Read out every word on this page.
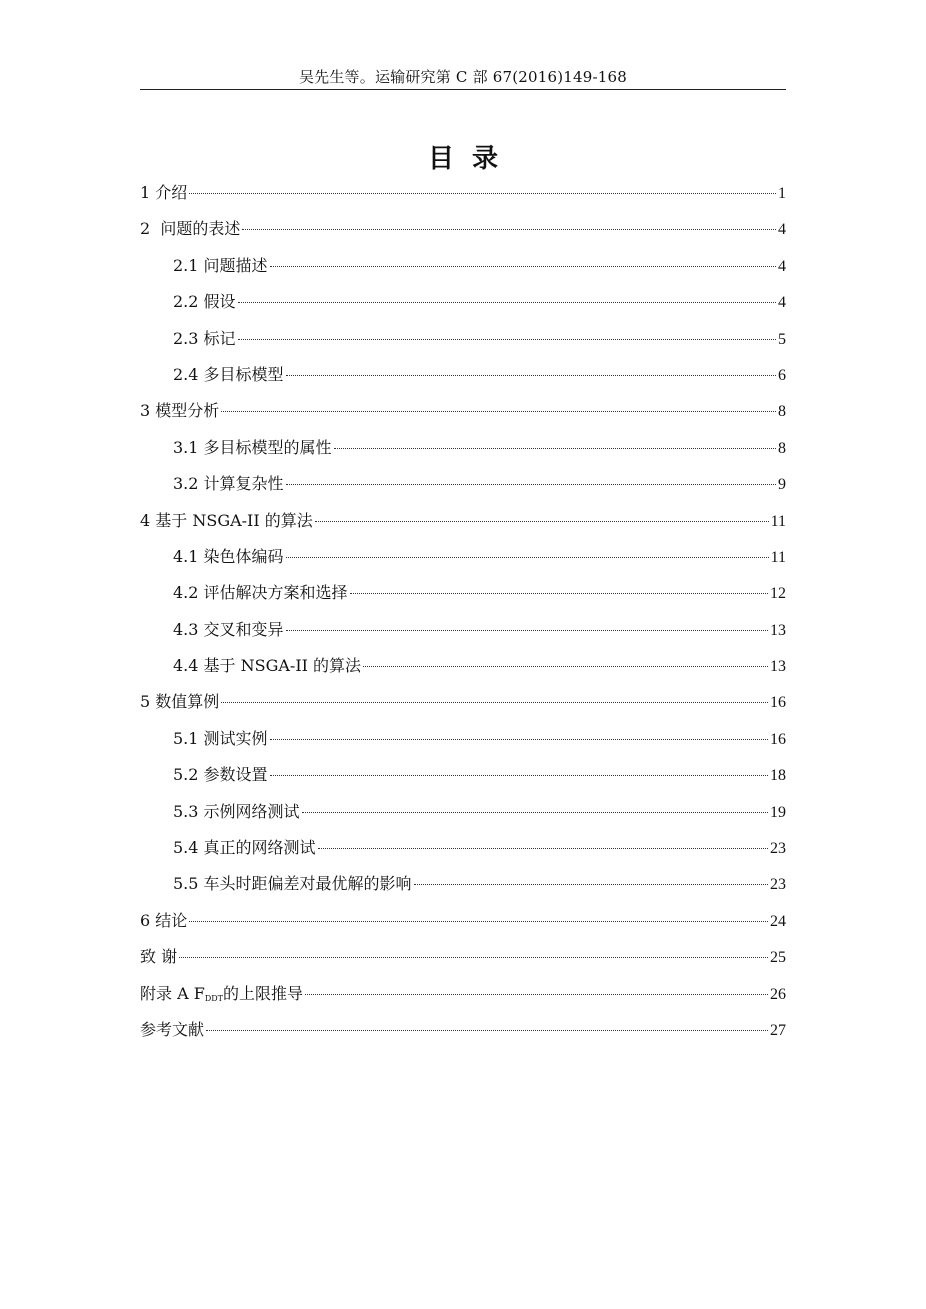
吴先生等。运输研究第 C 部 67(2016)149-168
目录
1 介绍	1
2  问题的表述	4
2.1 问题描述	4
2.2 假设	4
2.3 标记	5
2.4 多目标模型	6
3 模型分析	8
3.1 多目标模型的属性	8
3.2 计算复杂性	9
4 基于 NSGA-II 的算法	11
4.1 染色体编码	11
4.2 评估解决方案和选择	12
4.3 交叉和变异	13
4.4 基于 NSGA-II 的算法	13
5 数值算例	16
5.1 测试实例	16
5.2 参数设置	18
5.3 示例网络测试	19
5.4 真正的网络测试	23
5.5 车头时距偏差对最优解的影响	23
6 结论	24
致 谢	25
附录 A $F_{DDT}$的上限推导	26
参考文献	27
